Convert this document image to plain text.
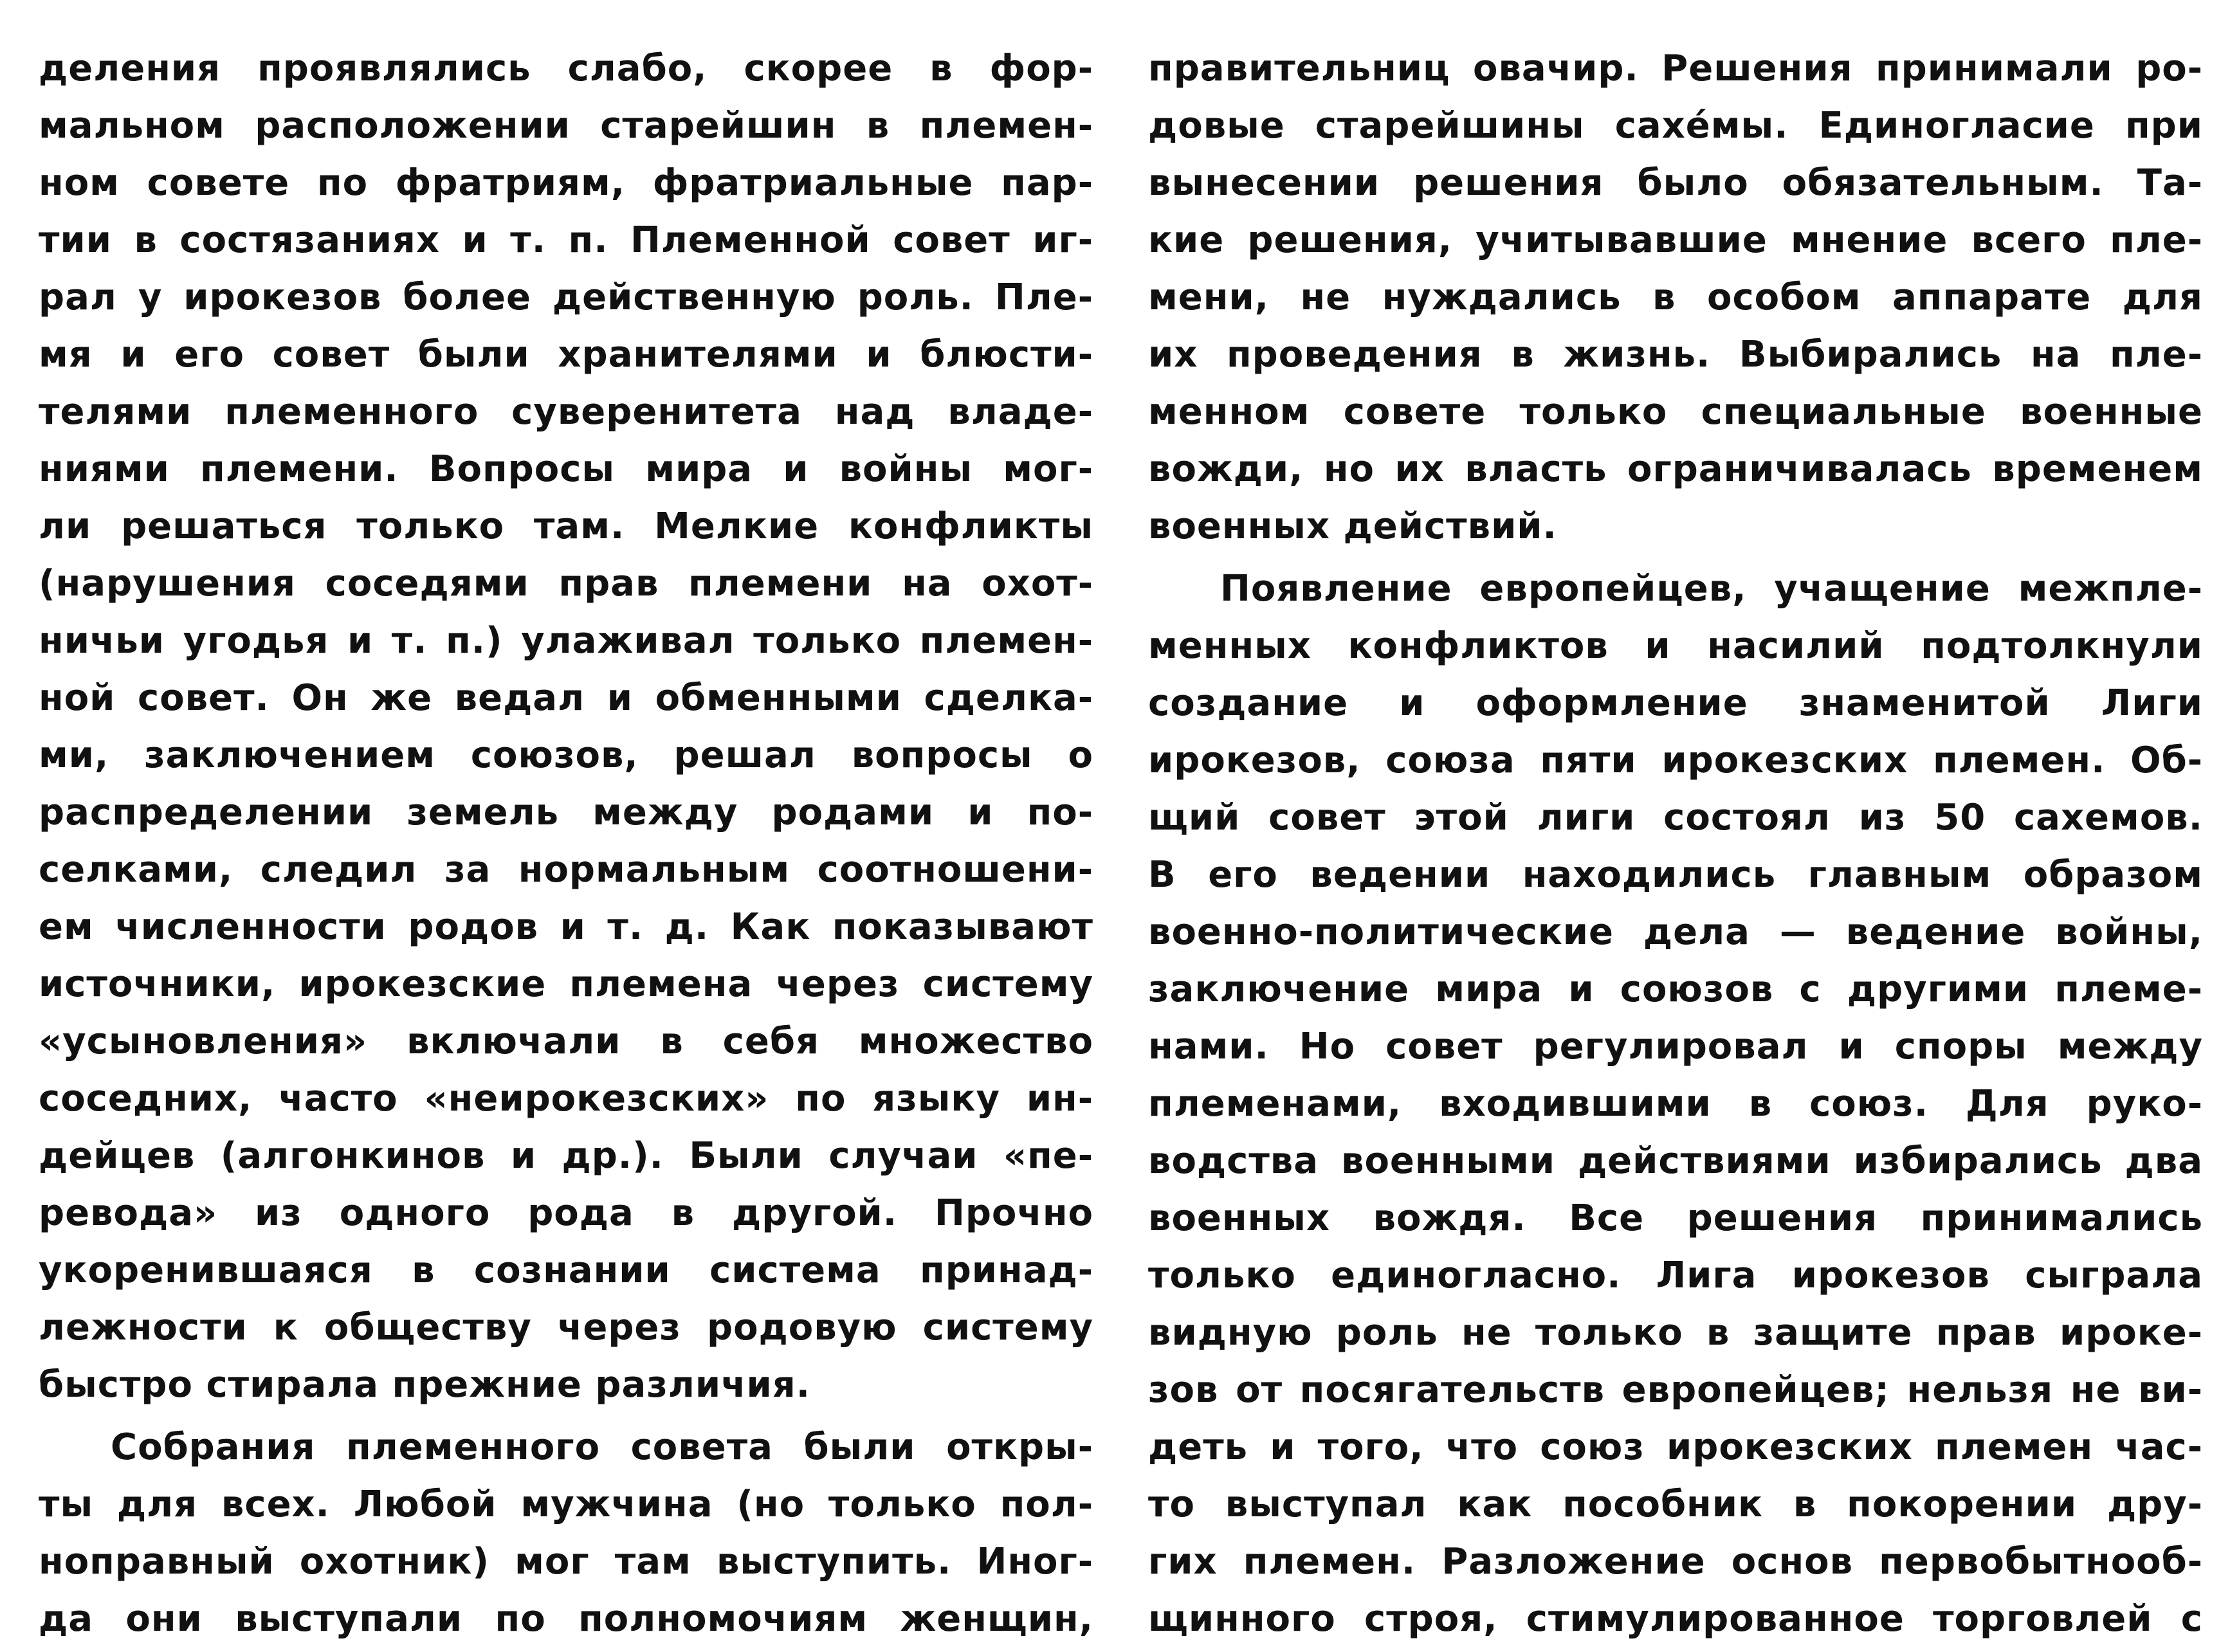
деления проявлялись слабо, скорее в фор-
мальном расположении старейшин в племен-
ном совете по фратриям, фратриальные пар-
тии в состязаниях и т. п. Племенной совет иг-
рал у ирокезов более действенную роль. Пле-
мя и его совет были хранителями и блюсти-
телями племенного суверенитета над владе-
ниями племени. Вопросы мира и войны мог-
ли решаться только там. Мелкие конфликты
(нарушения соседями прав племени на охот-
ничьи угодья и т. п.) улаживал только племен-
ной совет. Он же ведал и обменными сделка-
ми, заключением союзов, решал вопросы о
распределении земель между родами и по-
селками, следил за нормальным соотношени-
ем численности родов и т. д. Как показывают
источники, ирокезские племена через систему
«усыновления» включали в себя множество
соседних, часто «неирокезских» по языку ин-
дейцев (алгонкинов и др.). Были случаи «пе-
ревода» из одного рода в другой. Прочно
укоренившаяся в сознании система принад-
лежности к обществу через родовую систему
быстро стирала прежние различия.
Собрания племенного совета были откры-
ты для всех. Любой мужчина (но только пол-
ноправный охотник) мог там выступить. Иног-
да они выступали по полномочиям женщин,
правительниц овачир. Решения принимали ро-
довые старейшины сахéмы. Единогласие при
вынесении решения было обязательным. Та-
кие решения, учитывавшие мнение всего пле-
мени, не нуждались в особом аппарате для
их проведения в жизнь. Выбирались на пле-
менном совете только специальные военные
вожди, но их власть ограничивалась временем
военных действий.
Появление европейцев, учащение межпле-
менных конфликтов и насилий подтолкнули
создание и оформление знаменитой Лиги
ирокезов, союза пяти ирокезских племен. Об-
щий совет этой лиги состоял из 50 сахемов.
В его ведении находились главным образом
военно-политические дела — ведение войны,
заключение мира и союзов с другими племе-
нами. Но совет регулировал и споры между
племенами, входившими в союз. Для руко-
водства военными действиями избирались два
военных вождя. Все решения принимались
только единогласно. Лига ирокезов сыграла
видную роль не только в защите прав ироке-
зов от посягательств европейцев; нельзя не ви-
деть и того, что союз ирокезских племен час-
то выступал как пособник в покорении дру-
гих племен. Разложение основ первобытнооб-
щинного строя, стимулированное торговлей с
